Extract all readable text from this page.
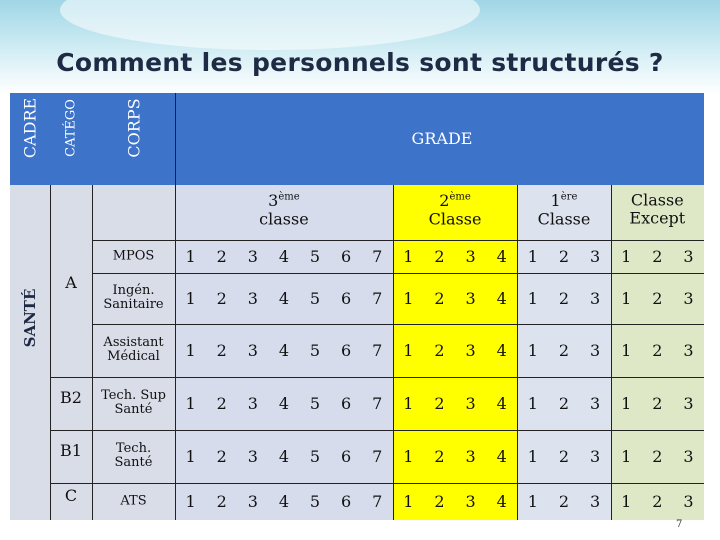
Comment les personnels sont structurés ?
CADRE CATÉGO	CORPS	GRADE
3ème
classe
2ème
Classe
1ère
Classe
Classe
Except
1 2 3 4 5 6 7 1 2 3 4 1 2 3 1 2 3
MPOS
1 2 3 4 5 6 7 1 2 3 4 1 2 3 1 2 3
Ingén.
Sanitaire
1 2 3 4 5 6 7 1 2 3 4 1 2 3 1 2 3
Assistant
Médical
1 2 3 4 5 6 7 1 2 3 4 1 2 3 1 2 3
Tech. Sup
Santé
1 2 3 4 5 6 7 1 2 3 4 1 2 3 1 2 3
Tech.
Santé
1 2 3 4 5 6 7 1 2 3 4 1 2 3 1 2 3
ATS
A
B2
B1
C
SANTÉ
7
